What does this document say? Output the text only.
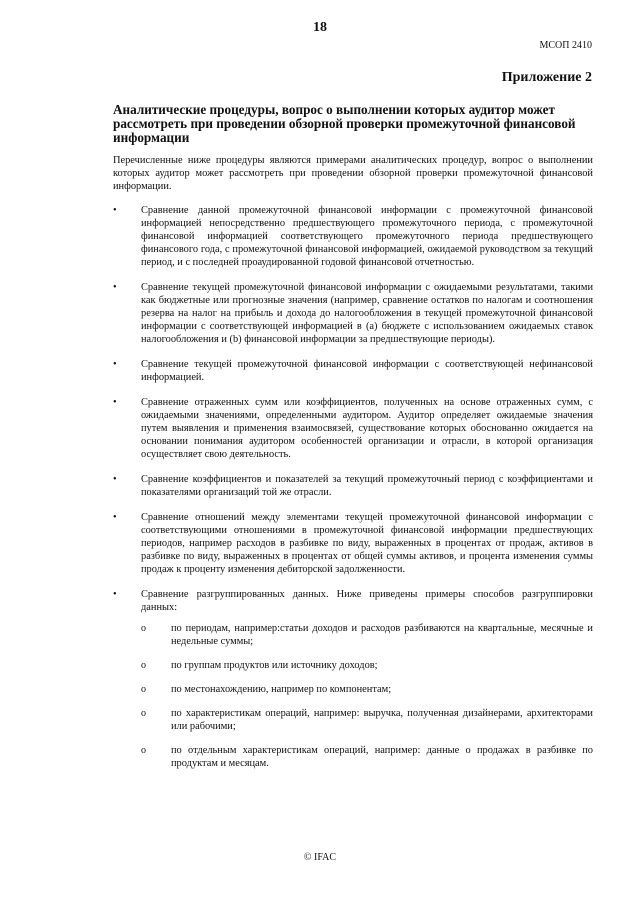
18
МСОП 2410
Приложение 2
Аналитические процедуры, вопрос о выполнении которых аудитор может рассмотреть при проведении обзорной проверки промежуточной финансовой информации
Перечисленные ниже процедуры являются примерами аналитических процедур, вопрос о выполнении которых аудитор может рассмотреть при проведении обзорной проверки промежуточной финансовой информации.
• Сравнение данной промежуточной финансовой информации с промежуточной финансовой информацией непосредственно предшествующего промежуточного периода, с промежуточной финансовой информацией соответствующего промежуточного периода предшествующего финансового года, с промежуточной финансовой информацией, ожидаемой руководством за текущий период, и с последней проаудированной годовой финансовой отчетностью.
• Сравнение текущей промежуточной финансовой информации с ожидаемыми результатами, такими как бюджетные или прогнозные значения (например, сравнение остатков по налогам и соотношения резерва на налог на прибыль и дохода до налогообложения в текущей промежуточной финансовой информации с соответствующей информацией в (a) бюджете с использованием ожидаемых ставок налогообложения и (b) финансовой информации за предшествующие периоды).
• Сравнение текущей промежуточной финансовой информации с соответствующей нефинансовой информацией.
• Сравнение отраженных сумм или коэффициентов, полученных на основе отраженных сумм, с ожидаемыми значениями, определенными аудитором. Аудитор определяет ожидаемые значения путем выявления и применения взаимосвязей, существование которых обоснованно ожидается на основании понимания аудитором особенностей организации и отрасли, в которой организация осуществляет свою деятельность.
• Сравнение коэффициентов и показателей за текущий промежуточный период с коэффициентами и показателями организаций той же отрасли.
• Сравнение отношений между элементами текущей промежуточной финансовой информации с соответствующими отношениями в промежуточной финансовой информации предшествующих периодов, например расходов в разбивке по виду, выраженных в процентах от продаж, активов в разбивке по виду, выраженных в процентах от общей суммы активов, и процента изменения суммы продаж к проценту изменения дебиторской задолженности.
• Сравнение разгруппированных данных. Ниже приведены примеры способов разгруппировки данных:
o по периодам, например:статьи доходов и расходов разбиваются на квартальные, месячные и недельные суммы;
o по группам продуктов или источнику доходов;
o по местонахождению, например по компонентам;
o по характеристикам операций, например: выручка, полученная дизайнерами, архитекторами или рабочими;
o по отдельным характеристикам операций, например: данные о продажах в разбивке по продуктам и месяцам.
© IFAC
